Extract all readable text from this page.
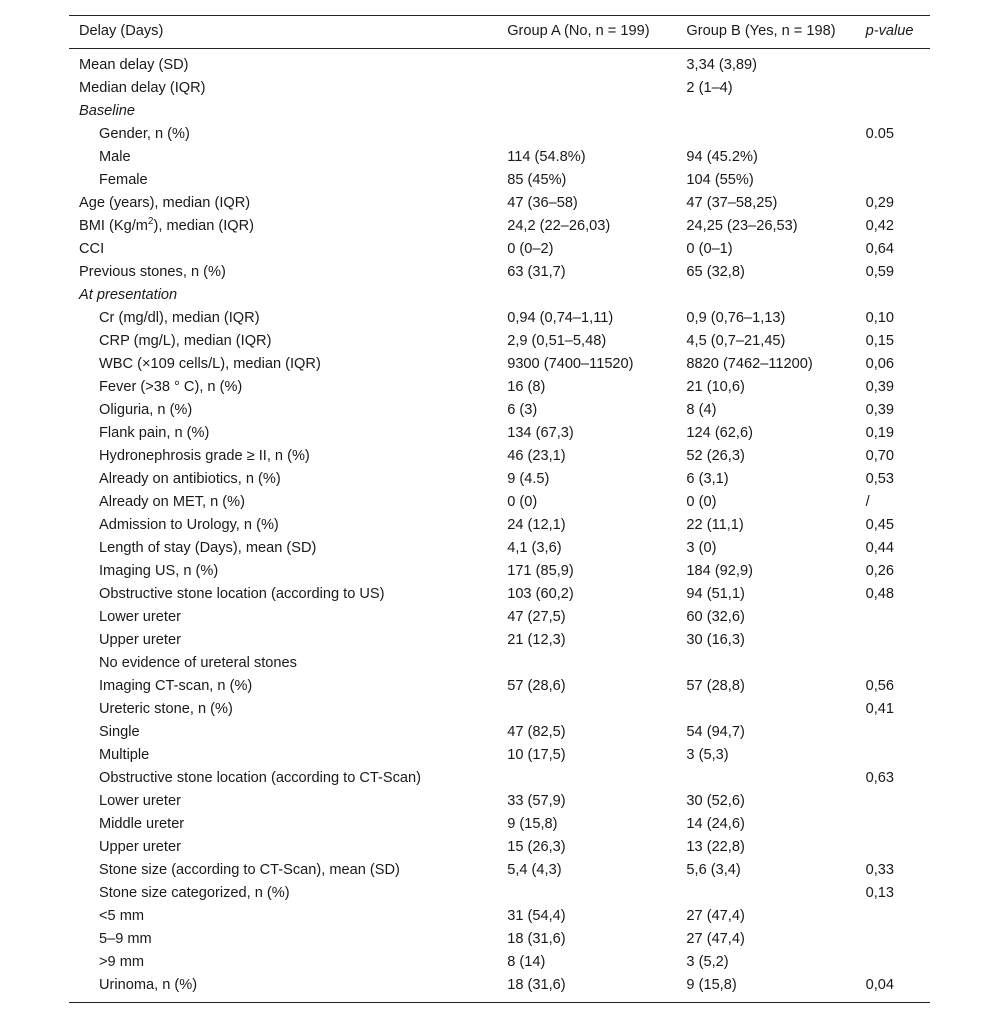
Delay (Days)	Group A (No, n = 199)	Group B (Yes, n = 198)	p-value
Mean delay (SD)		3,34 (3,89)	
Median delay (IQR)		2 (1–4)	
Baseline			
Gender, n (%)			0.05
Male	114 (54.8%)	94 (45.2%)	
Female	85 (45%)	104 (55%)	
Age (years), median (IQR)	47 (36–58)	47 (37–58,25)	0,29
BMI $(Kg/m^2)$, median (IQR)	24,2 (22–26,03)	24,25 (23–26,53)	0,42
CCI	0 (0–2)	0 (0–1)	0,64
Previous stones, n (%)	63 (31,7)	65 (32,8)	0,59
At presentation			
Cr (mg/dl), median (IQR)	0,94 (0,74–1,11)	0,9 (0,76–1,13)	0,10
CRP (mg/L), median (IQR)	2,9 (0,51–5,48)	4,5 (0,7–21,45)	0,15
WBC (×109 cells/L), median (IQR)	9300 (7400–11520)	8820 (7462–11200)	0,06
Fever (>38 ° C), n (%)	16 (8)	21 (10,6)	0,39
Oliguria, n (%)	6 (3)	8 (4)	0,39
Flank pain, n (%)	134 (67,3)	124 (62,6)	0,19
Hydronephrosis grade ≥ II, n (%)	46 (23,1)	52 (26,3)	0,70
Already on antibiotics, n (%)	9 (4.5)	6 (3,1)	0,53
Already on MET, n (%)	0 (0)	0 (0)	/
Admission to Urology, n (%)	24 (12,1)	22 (11,1)	0,45
Length of stay (Days), mean (SD)	4,1 (3,6)	3 (0)	0,44
Imaging US, n (%)	171 (85,9)	184 (92,9)	0,26
Obstructive stone location (according to US)	103 (60,2)	94 (51,1)	0,48
Lower ureter	47 (27,5)	60 (32,6)	
Upper ureter	21 (12,3)	30 (16,3)	
No evidence of ureteral stones			
Imaging CT-scan, n (%)	57 (28,6)	57 (28,8)	0,56
Ureteric stone, n (%)			0,41
Single	47 (82,5)	54 (94,7)	
Multiple	10 (17,5)	3 (5,3)	
Obstructive stone location (according to CT-Scan)			0,63
Lower ureter	33 (57,9)	30 (52,6)	
Middle ureter	9 (15,8)	14 (24,6)	
Upper ureter	15 (26,3)	13 (22,8)	
Stone size (according to CT-Scan), mean (SD)	5,4 (4,3)	5,6 (3,4)	0,33
Stone size categorized, n (%)			0,13
<5 mm	31 (54,4)	27 (47,4)	
5–9 mm	18 (31,6)	27 (47,4)	
>9 mm	8 (14)	3 (5,2)	
Urinoma, n (%)	18 (31,6)	9 (15,8)	0,04
